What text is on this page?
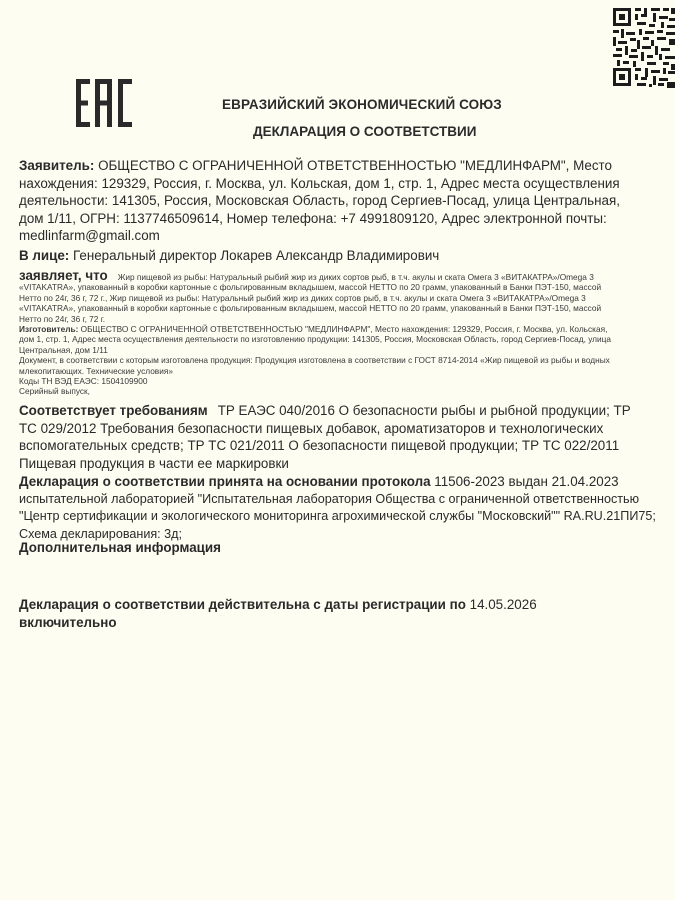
ЕВРАЗИЙСКИЙ ЭКОНОМИЧЕСКИЙ СОЮЗ
ДЕКЛАРАЦИЯ О СООТВЕТСТВИИ
Заявитель: ОБЩЕСТВО С ОГРАНИЧЕННОЙ ОТВЕТСТВЕННОСТЬЮ "МЕДЛИНФАРМ", Место
нахождения: 129329, Россия, г. Москва, ул. Кольская, дом 1, стр. 1, Адрес места осуществления
деятельности: 141305, Россия, Московская Область, город Сергиев-Посад, улица Центральная,
дом 1/11, ОГРН: 1137746509614, Номер телефона: +7 4991809120, Адрес электронной почты:
medlinfarm@gmail.com
В лице: Генеральный директор Локарев Александр Владимирович
заявляет, что Жир пищевой из рыбы: Натуральный рыбий жир из диких сортов рыб, в т.ч. акулы и ската Омега 3 «ВИТАКАТРА»/Omega 3
«VITAKATRA», упакованный в коробки картонные с фольгированным вкладышем, массой НЕТТО по 20 грамм, упакованный в Банки ПЭТ-150, массой
Нетто по 24г, 36 г, 72 г., Жир пищевой из рыбы: Натуральный рыбий жир из диких сортов рыб, в т.ч. акулы и ската Омега 3 «ВИТАКАТРА»/Omega 3
«VITAKATRA», упакованный в коробки картонные с фольгированным вкладышем, массой НЕТТО по 20 грамм, упакованный в Банки ПЭТ-150, массой
Нетто по 24г, 36 г, 72 г.
Изготовитель: ОБЩЕСТВО С ОГРАНИЧЕННОЙ ОТВЕТСТВЕННОСТЬЮ "МЕДЛИНФАРМ", Место нахождения: 129329, Россия, г. Москва, ул. Кольская,
дом 1, стр. 1, Адрес места осуществления деятельности по изготовлению продукции: 141305, Россия, Московская Область, город Сергиев-Посад, улица
Центральная, дом 1/11
Документ, в соответствии с которым изготовлена продукция: Продукция изготовлена в соответствии с ГОСТ 8714-2014 «Жир пищевой из рыбы и водных
млекопитающих. Технические условия»
Коды ТН ВЭД ЕАЭС: 1504109900
Серийный выпуск,
Соответствует требованиям ТР ЕАЭС 040/2016 О безопасности рыбы и рыбной продукции; ТР
ТС 029/2012 Требования безопасности пищевых добавок, ароматизаторов и технологических
вспомогательных средств; ТР ТС 021/2011 О безопасности пищевой продукции; ТР ТС 022/2011
Пищевая продукция в части ее маркировки
Декларация о соответствии принята на основании протокола 11506-2023 выдан 21.04.2023
испытательной лабораторией "Испытательная лаборатория Общества с ограниченной ответственностью
"Центр сертификации и экологического мониторинга агрохимической службы "Московский"" RA.RU.21ПИ75;
Схема декларирования: 3д;
Дополнительная информация
Декларация о соответствии действительна с даты регистрации по 14.05.2026
включительно
